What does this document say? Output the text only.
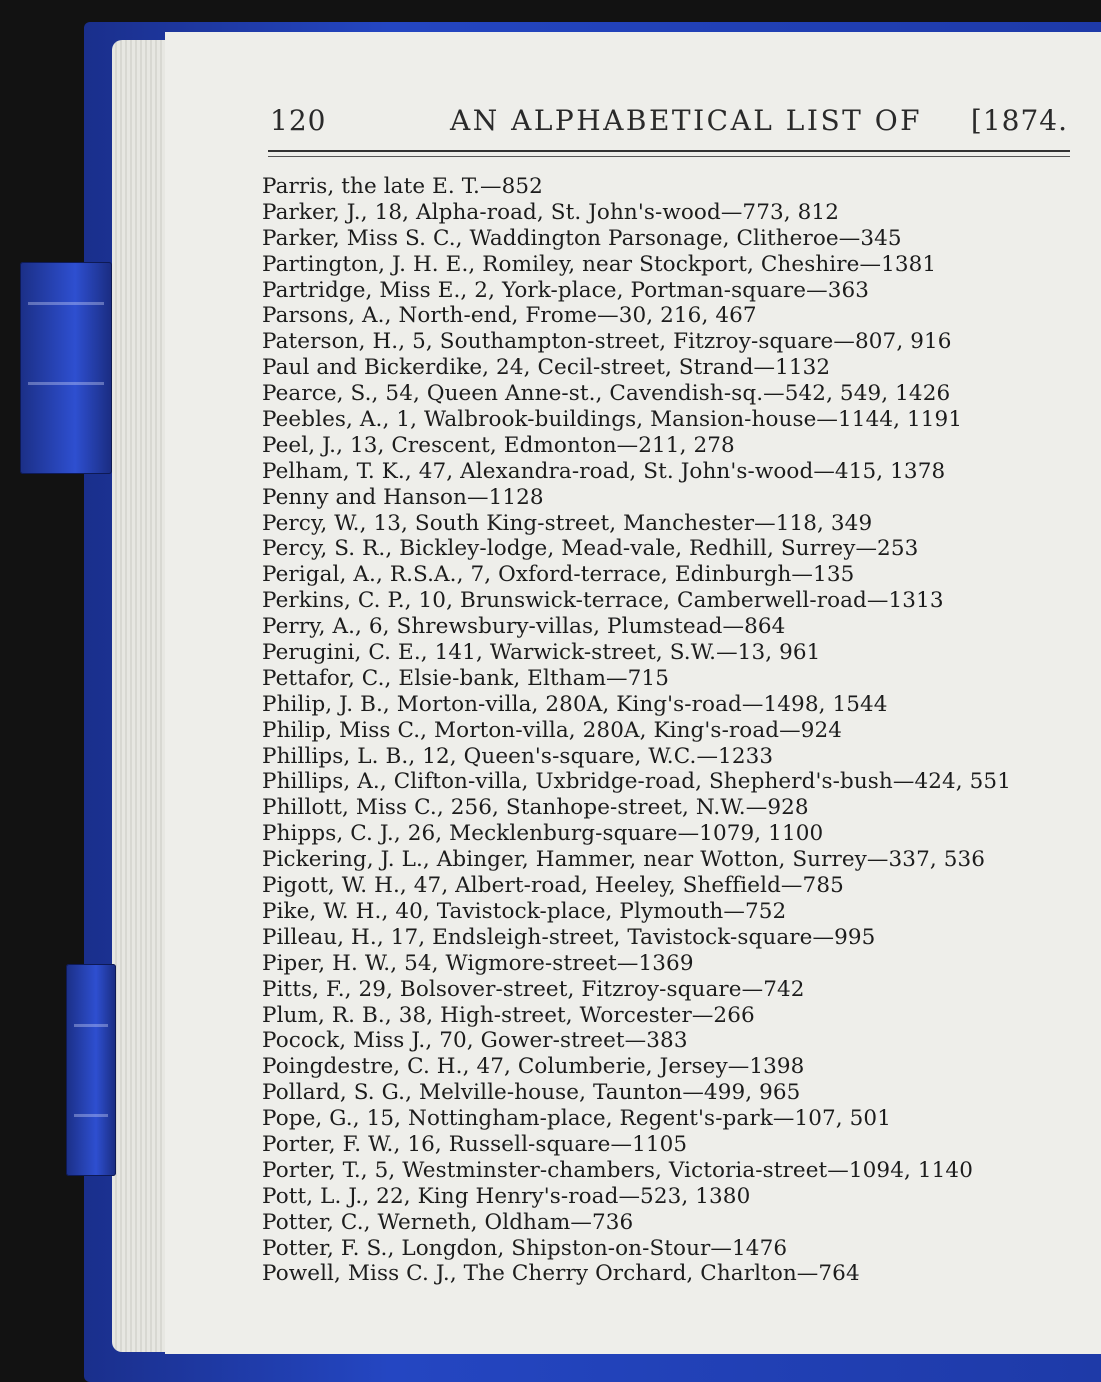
120	AN ALPHABETICAL LIST OF [1874.
Parris, the late E. T.—852
Parker, J., 18, Alpha-road, St. John's-wood—773, 812
Parker, Miss S. C., Waddington Parsonage, Clitheroe—345
Partington, J. H. E., Romiley, near Stockport, Cheshire—1381
Partridge, Miss E., 2, York-place, Portman-square—363
Parsons, A., North-end, Frome—30, 216, 467
Paterson, H., 5, Southampton-street, Fitzroy-square—807, 916
Paul and Bickerdike, 24, Cecil-street, Strand—1132
Pearce, S., 54, Queen Anne-st., Cavendish-sq.—542, 549, 1426
Peebles, A., 1, Walbrook-buildings, Mansion-house—1144, 1191
Peel, J., 13, Crescent, Edmonton—211, 278
Pelham, T. K., 47, Alexandra-road, St. John's-wood—415, 1378
Penny and Hanson—1128
Percy, W., 13, South King-street, Manchester—118, 349
Percy, S. R., Bickley-lodge, Mead-vale, Redhill, Surrey—253
Perigal, A., R.S.A., 7, Oxford-terrace, Edinburgh—135
Perkins, C. P., 10, Brunswick-terrace, Camberwell-road—1313
Perry, A., 6, Shrewsbury-villas, Plumstead—864
Perugini, C. E., 141, Warwick-street, S.W.—13, 961
Pettafor, C., Elsie-bank, Eltham—715
Philip, J. B., Morton-villa, 280A, King's-road—1498, 1544
Philip, Miss C., Morton-villa, 280A, King's-road—924
Phillips, L. B., 12, Queen's-square, W.C.—1233
Phillips, A., Clifton-villa, Uxbridge-road, Shepherd's-bush—424, 551
Phillott, Miss C., 256, Stanhope-street, N.W.—928
Phipps, C. J., 26, Mecklenburg-square—1079, 1100
Pickering, J. L., Abinger, Hammer, near Wotton, Surrey—337, 536
Pigott, W. H., 47, Albert-road, Heeley, Sheffield—785
Pike, W. H., 40, Tavistock-place, Plymouth—752
Pilleau, H., 17, Endsleigh-street, Tavistock-square—995
Piper, H. W., 54, Wigmore-street—1369
Pitts, F., 29, Bolsover-street, Fitzroy-square—742
Plum, R. B., 38, High-street, Worcester—266
Pocock, Miss J., 70, Gower-street—383
Poingdestre, C. H., 47, Columberie, Jersey—1398
Pollard, S. G., Melville-house, Taunton—499, 965
Pope, G., 15, Nottingham-place, Regent's-park—107, 501
Porter, F. W., 16, Russell-square—1105
Porter, T., 5, Westminster-chambers, Victoria-street—1094, 1140
Pott, L. J., 22, King Henry's-road—523, 1380
Potter, C., Werneth, Oldham—736
Potter, F. S., Longdon, Shipston-on-Stour—1476
Powell, Miss C. J., The Cherry Orchard, Charlton—764
